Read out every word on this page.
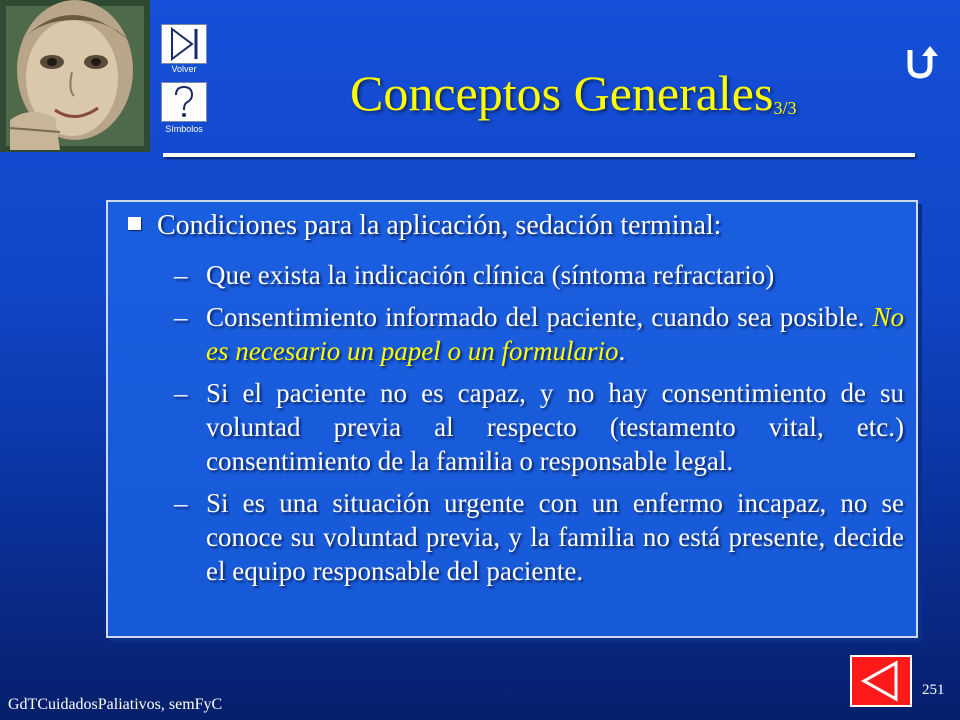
Volver
Símbolos
Conceptos Generales$_{3/3}$
Condiciones para la aplicación, sedación terminal:
– Que exista la indicación clínica (síntoma refractario)
– Consentimiento informado del paciente, cuando sea posible. No es necesario un papel o un formulario.
– Si el paciente no es capaz, y no hay consentimiento de su voluntad previa al respecto (testamento vital, etc.) consentimiento de la familia o responsable legal.
– Si es una situación urgente con un enfermo incapaz, no se conoce su voluntad previa, y la familia no está presente, decide el equipo responsable del paciente.
GdTCuidadosPaliativos, semFyC
251
